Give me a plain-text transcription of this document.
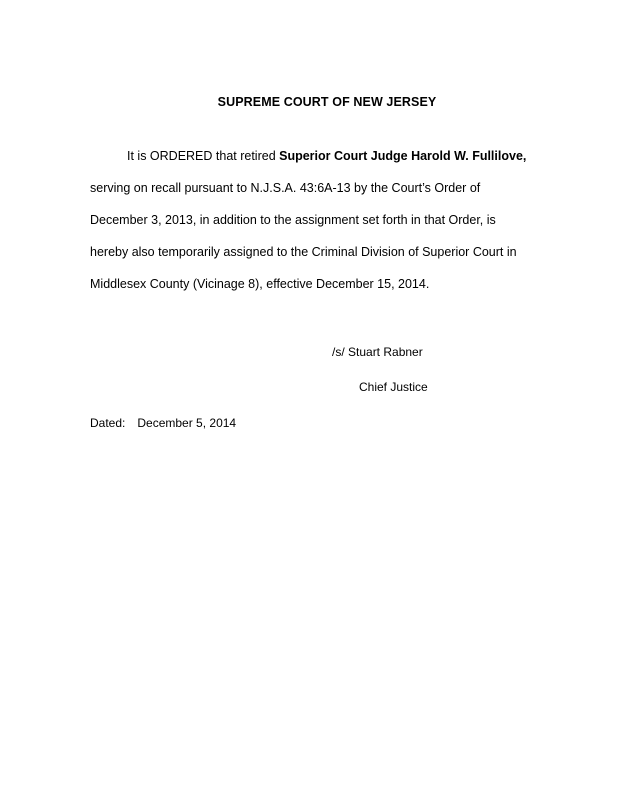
SUPREME COURT OF NEW JERSEY

It is ORDERED that retired Superior Court Judge Harold W. Fullilove, serving on recall pursuant to N.J.S.A. 43:6A-13 by the Court’s Order of December 3, 2013, in addition to the assignment set forth in that Order, is hereby also temporarily assigned to the Criminal Division of Superior Court in Middlesex County (Vicinage 8), effective December 15, 2014.

/s/ Stuart Rabner
Chief Justice
Dated: December 5, 2014
